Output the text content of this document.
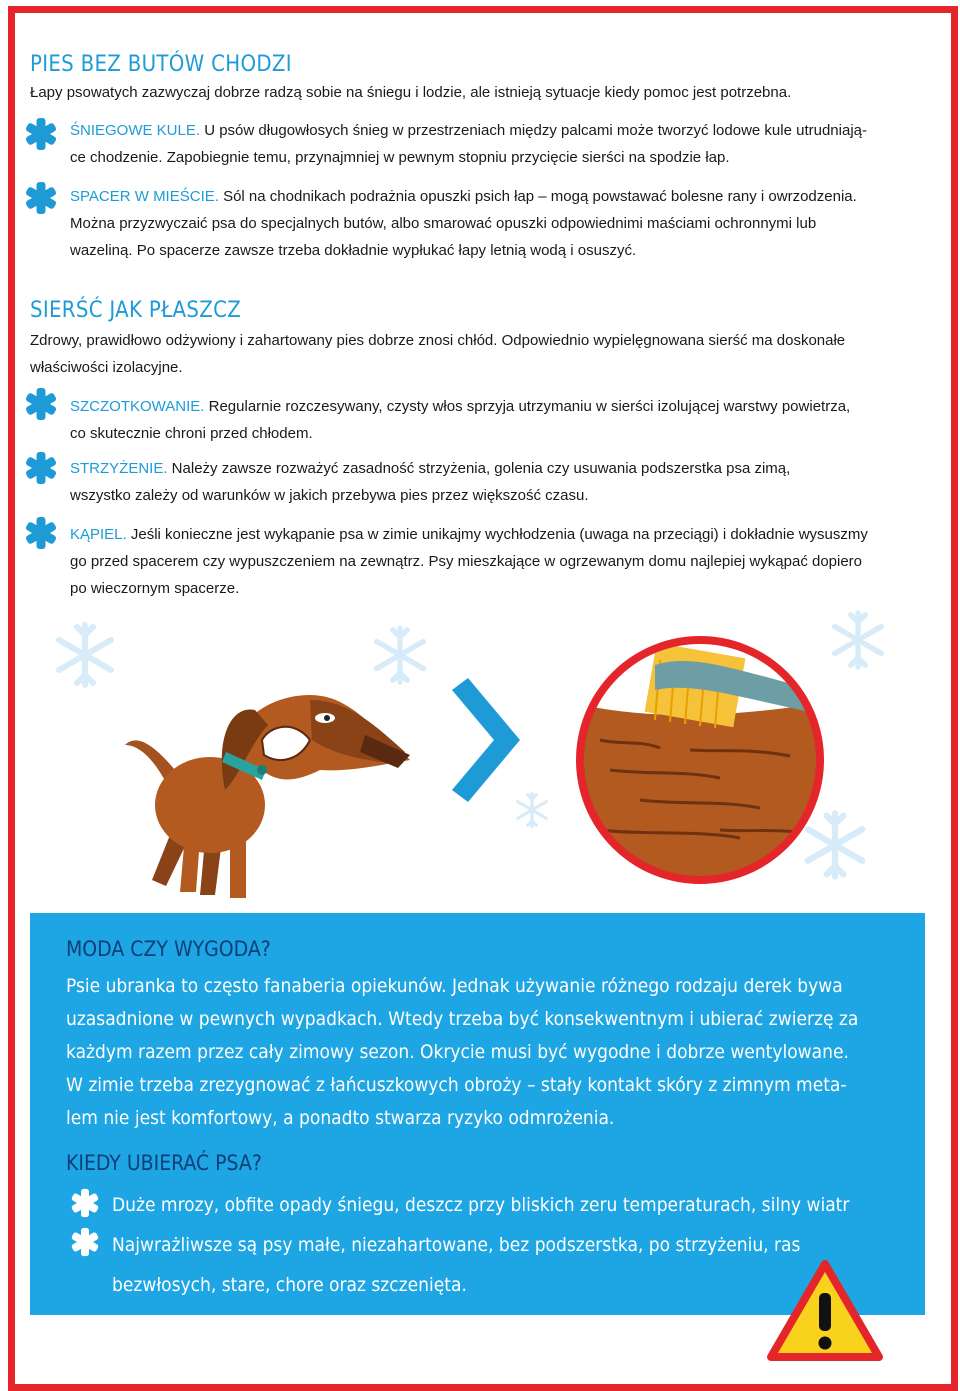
PIES BEZ BUTÓW CHODZI
Łapy psowatych zazwyczaj dobrze radzą sobie na śniegu i lodzie, ale istnieją sytuacje kiedy pomoc jest potrzebna.
ŚNIEGOWE KULE. U psów długowłosych śnieg w przestrzeniach między palcami może tworzyć lodowe kule utrudniają-
ce chodzenie. Zapobiegnie temu, przynajmniej w pewnym stopniu przycięcie sierści na spodzie łap.
SPACER W MIEŚCIE. Sól na chodnikach podrażnia opuszki psich łap – mogą powstawać bolesne rany i owrzodzenia.
Można przyzwyczaić psa do specjalnych butów, albo smarować opuszki odpowiednimi maściami ochronnymi lub
wazeliną. Po spacerze zawsze trzeba dokładnie wypłukać łapy letnią wodą i osuszyć.
SIERŚĆ JAK PŁASZCZ
Zdrowy, prawidłowo odżywiony i zahartowany pies dobrze znosi chłód. Odpowiednio wypielęgnowana sierść ma doskonałe
właściwości izolacyjne.
SZCZOTKOWANIE. Regularnie rozczesywany, czysty włos sprzyja utrzymaniu w sierści izolującej warstwy powietrza,
co skutecznie chroni przed chłodem.
STRZYŻENIE. Należy zawsze rozważyć zasadność strzyżenia, golenia czy usuwania podszerstka psa zimą,
wszystko zależy od warunków w jakich przebywa pies przez większość czasu.
KĄPIEL. Jeśli konieczne jest wykąpanie psa w zimie unikajmy wychłodzenia (uwaga na przeciągi) i dokładnie wysuszmy
go przed spacerem czy wypuszczeniem na zewnątrz. Psy mieszkające w ogrzewanym domu najlepiej wykąpać dopiero
po wieczornym spacerze.
MODA CZY WYGODA?
Psie ubranka to często fanaberia opiekunów. Jednak używanie różnego rodzaju derek bywa
uzasadnione w pewnych wypadkach. Wtedy trzeba być konsekwentnym i ubierać zwierzę za
każdym razem przez cały zimowy sezon. Okrycie musi być wygodne i dobrze wentylowane.
W zimie trzeba zrezygnować z łańcuszkowych obroży – stały kontakt skóry z zimnym meta-
lem nie jest komfortowy, a ponadto stwarza ryzyko odmrożenia.
KIEDY UBIERAĆ PSA?
Duże mrozy, obfite opady śniegu, deszcz przy bliskich zeru temperaturach, silny wiatr
Najwrażliwsze są psy małe, niezahartowane, bez podszerstka, po strzyżeniu, ras
bezwłosych, stare, chore oraz szczenięta.
